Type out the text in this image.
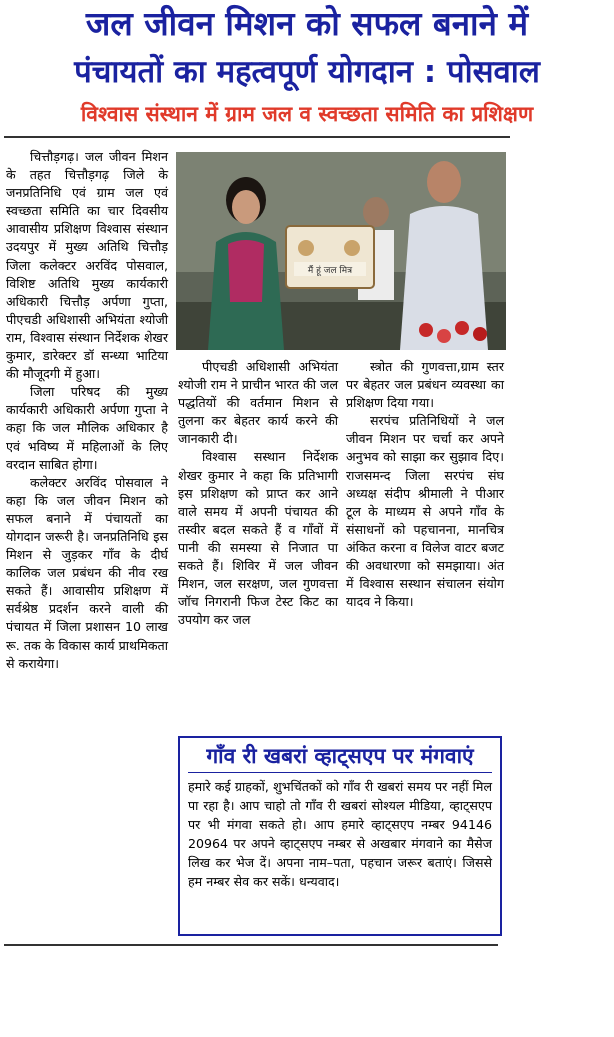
जल जीवन मिशन को सफल बनाने में
पंचायतों का महत्वपूर्ण योगदान : पोसवाल
विश्वास संस्थान में ग्राम जल व स्वच्छता समिति का प्रशिक्षण

चित्तौड़गढ़। जल जीवन मिशन के तहत चित्तौड़गढ़ जिले के जनप्रतिनिधि एवं ग्राम जल एवं स्वच्छता समिति का चार दिवसीय आवासीय प्रशिक्षण विश्वास संस्थान उदयपुर में मुख्य अतिथि चित्तौड़ जिला कलेक्टर अरविंद पोसवाल, विशिष्ट अतिथि मुख्य कार्यकारी अधिकारी चित्तौड़ अर्पणा गुप्ता, पीएचडी अधिशासी अभियंता श्योजी राम, विश्वास संस्थान निर्देशक शेखर कुमार, डारेक्टर डॉ सन्ध्या भाटिया की मौजूदगी में हुआ।

जिला परिषद की मुख्य कार्यकारी अधिकारी अर्पणा गुप्ता ने कहा कि जल मौलिक अधिकार है एवं भविष्य में महिलाओं के लिए वरदान साबित होगा।

कलेक्टर अरविंद पोसवाल ने कहा कि जल जीवन मिशन को सफल बनाने में पंचायतों का योगदान जरूरी है। जनप्रतिनिधि इस मिशन से जुड़कर गाँव के दीर्घ कालिक जल प्रबंधन की नीव रख सकते हैं। आवासीय प्रशिक्षण में सर्वश्रेष्ठ प्रदर्शन करने वाली की पंचायत में जिला प्रशासन 10 लाख रू. तक के विकास कार्य प्राथमिकता से करायेगा।

मैं हूं जल मित्र

पीएचडी अधिशासी अभियंता श्योजी राम ने प्राचीन भारत की जल पद्धतियों की वर्तमान मिशन से तुलना कर बेहतर कार्य करने की जानकारी दी।

विश्वास सस्थान निर्देशक शेखर कुमार ने कहा कि प्रतिभागी इस प्रशिक्षण को प्राप्त कर आने वाले समय में अपनी पंचायत की तस्वीर बदल सकते हैं व गाँवों में पानी की समस्या से निजात पा सकते हैं। शिविर में जल जीवन मिशन, जल सरक्षण, जल गुणवत्ता जॉच निगरानी फिज टेस्ट किट का उपयोग कर जल

स्त्रोत की गुणवत्ता,ग्राम स्तर पर बेहतर जल प्रबंधन व्यवस्था का प्रशिक्षण दिया गया।

सरपंच प्रतिनिधियों ने जल जीवन मिशन पर चर्चा कर अपने अनुभव को साझा कर सुझाव दिए। राजसमन्द जिला सरपंच संघ अध्यक्ष संदीप श्रीमाली ने पीआर टूल के माध्यम से अपने गाँव के संसाधनों को पहचानना, मानचित्र अंकित करना व विलेज वाटर बजट की अवधारणा को समझाया। अंत में विश्वास सस्थान संचालन संयोग यादव ने किया।

गाँव री खबरां व्हाट्सएप पर मंगवाएं
हमारे कई ग्राहकों, शुभचिंतकों को गाँव री खबरां समय पर नहीं मिल पा रहा है। आप चाहो तो गाँव री खबरां सोश्यल मीडिया, व्हाट्सएप पर भी मंगवा सकते हो। आप हमारे व्हाट्सएप नम्बर 94146 20964 पर अपने व्हाट्सएप नम्बर से अखबार मंगवाने का मैसेज लिख कर भेज दें। अपना नाम–पता, पहचान जरूर बताएं। जिससे हम नम्बर सेव कर सकें। धन्यवाद।
